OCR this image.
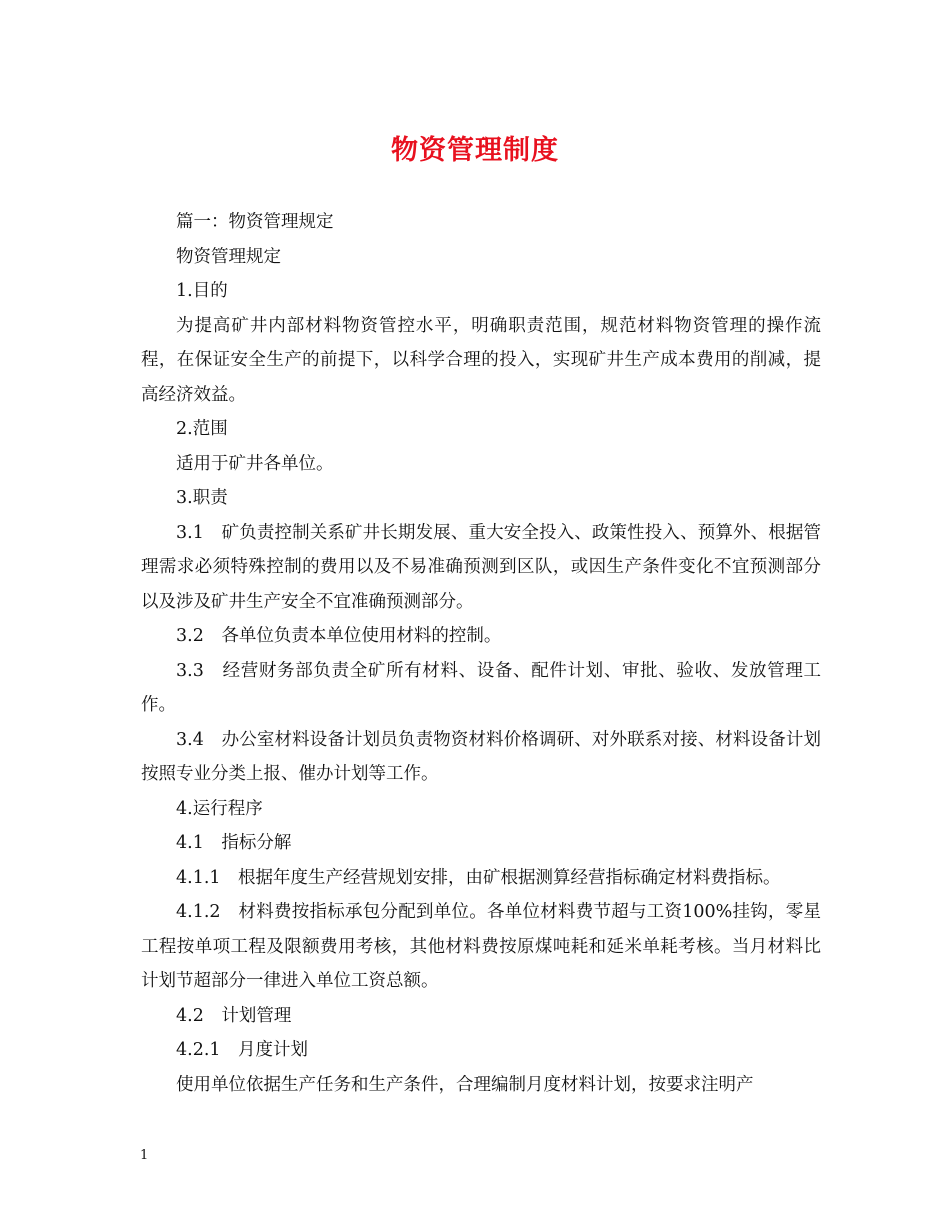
物资管理制度

篇一：物资管理规定

物资管理规定

1.目的

为提高矿井内部材料物资管控水平，明确职责范围，规范材料物资管理的操作流程，在保证安全生产的前提下，以科学合理的投入，实现矿井生产成本费用的削减，提高经济效益。

2.范围

适用于矿井各单位。

3.职责

3.1　矿负责控制关系矿井长期发展、重大安全投入、政策性投入、预算外、根据管理需求必须特殊控制的费用以及不易准确预测到区队，或因生产条件变化不宜预测部分以及涉及矿井生产安全不宜准确预测部分。

3.2　各单位负责本单位使用材料的控制。

3.3　经营财务部负责全矿所有材料、设备、配件计划、审批、验收、发放管理工作。

3.4　办公室材料设备计划员负责物资材料价格调研、对外联系对接、材料设备计划按照专业分类上报、催办计划等工作。

4.运行程序

4.1　指标分解

4.1.1　根据年度生产经营规划安排，由矿根据测算经营指标确定材料费指标。

4.1.2　材料费按指标承包分配到单位。各单位材料费节超与工资100%挂钩，零星工程按单项工程及限额费用考核，其他材料费按原煤吨耗和延米单耗考核。当月材料比计划节超部分一律进入单位工资总额。

4.2　计划管理

4.2.1　月度计划

使用单位依据生产任务和生产条件，合理编制月度材料计划，按要求注明产

1
